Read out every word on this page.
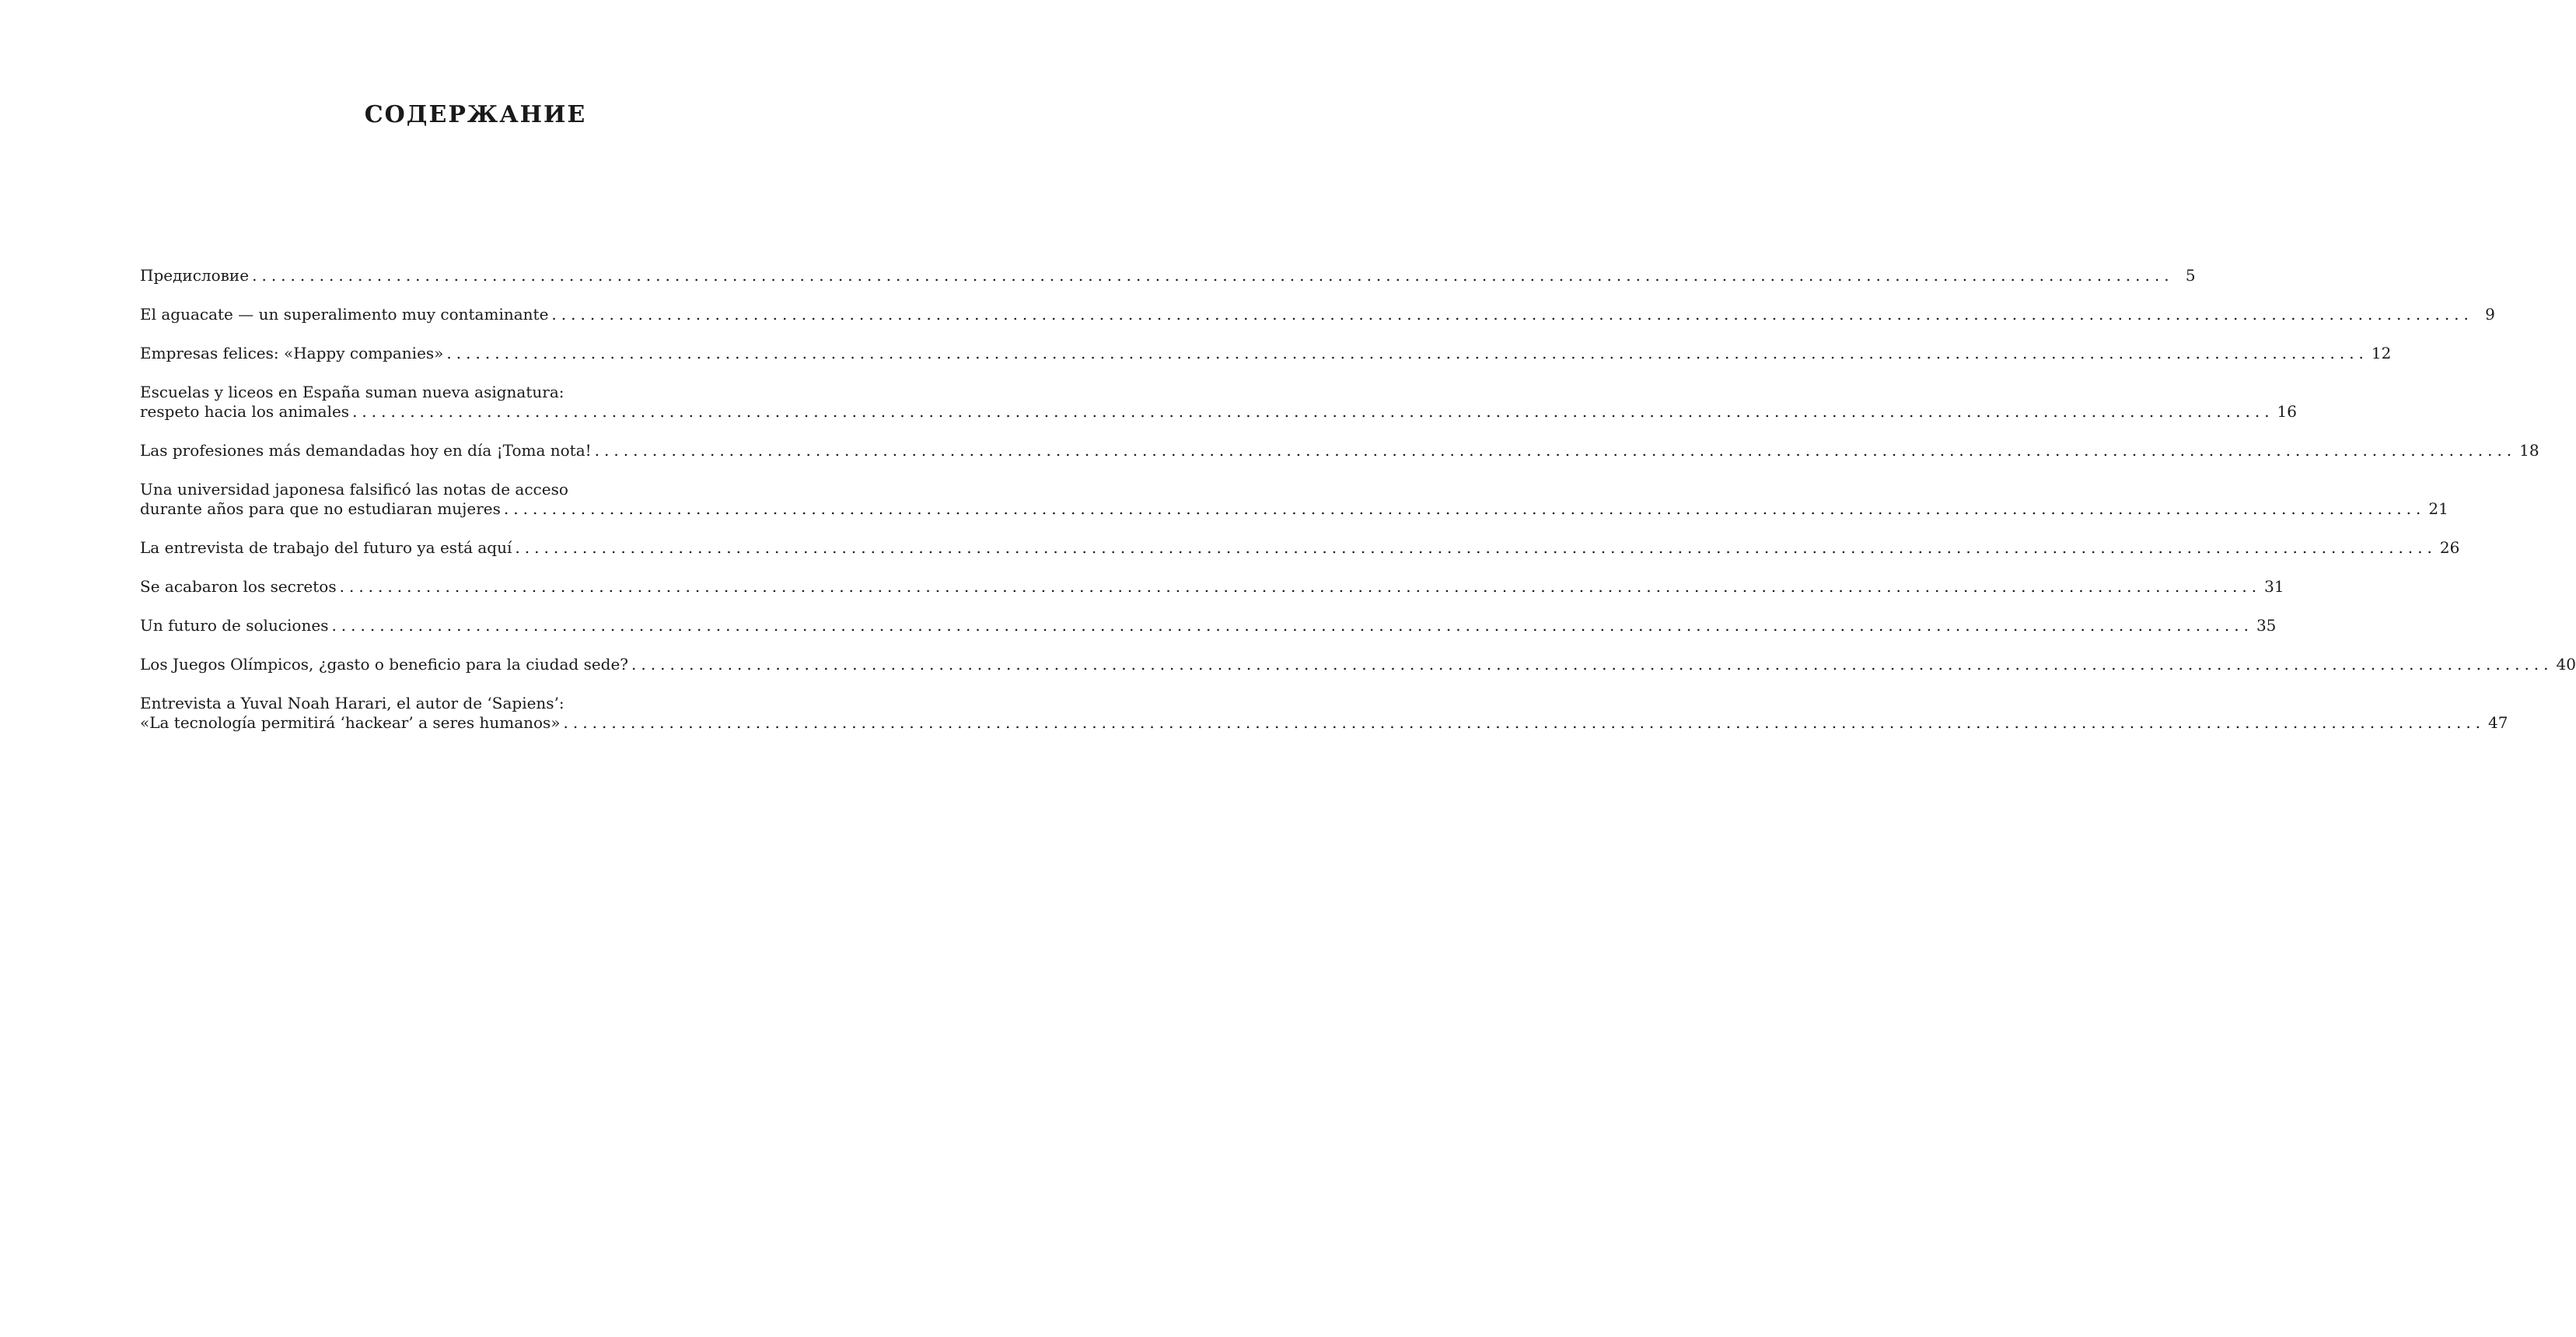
СОДЕРЖАНИЕ
Предисловие ........................................................................................................................................................................................................ 5
El aguacate — un superalimento muy contaminante ........................................................................................................................................................................................................ 9
Empresas felices: «Happy companies» ........................................................................................................................................................................................................ 12
Escuelas y liceos en España suman nueva asignatura:
respeto hacia los animales ........................................................................................................................................................................................................ 16
Las profesiones más demandadas hoy en día ¡Toma nota! ........................................................................................................................................................................................................ 18
Una universidad japonesa falsificó las notas de acceso
durante años para que no estudiaran mujeres ........................................................................................................................................................................................................ 21
La entrevista de trabajo del futuro ya está aquí ........................................................................................................................................................................................................ 26
Se acabaron los secretos ........................................................................................................................................................................................................ 31
Un futuro de soluciones ........................................................................................................................................................................................................ 35
Los Juegos Olímpicos, ¿gasto o beneficio para la ciudad sede? ........................................................................................................................................................................................................ 40
Entrevista a Yuval Noah Harari, el autor de ‘Sapiens’:
«La tecnología permitirá ‘hackear’ a seres humanos» ........................................................................................................................................................................................................ 47
